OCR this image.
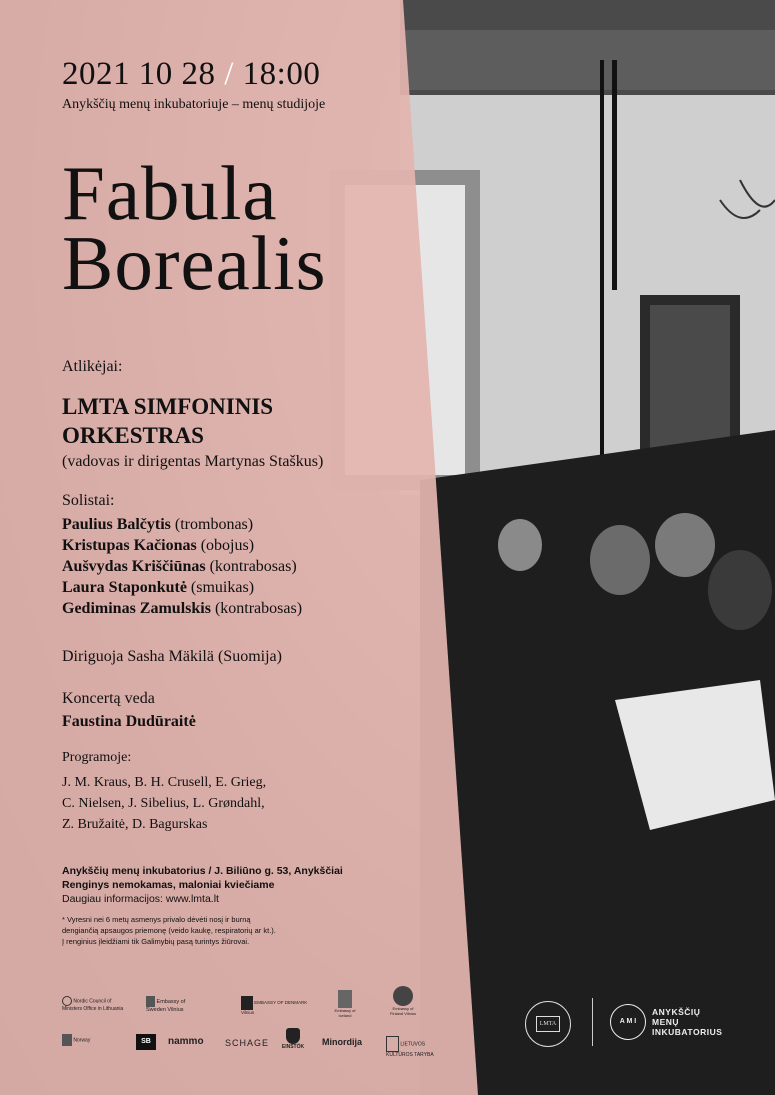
2021 10 28 / 18:00
Anykščių menų inkubatoriuje – menų studijoje
Fabula
Borealis
Atlikėjai:
LMTA SIMFONINIS
ORKESTRAS
(vadovas ir dirigentas Martynas Staškus)
Solistai:
Paulius Balčytis (trombonas)
Kristupas Kačionas (obojus)
Aušvydas Kriščiūnas (kontrabosas)
Laura Staponkutė (smuikas)
Gediminas Zamulskis (kontrabosas)
Diriguoja Sasha Mäkilä (Suomija)
Koncertą veda
Faustina Dudūraitė
Programoje:
J. M. Kraus, B. H. Crusell, E. Grieg,
C. Nielsen, J. Sibelius, L. Grøndahl,
Z. Bružaitė, D. Bagurskas
Anykščių menų inkubatorius / J. Biliūno g. 53, Anykščiai
Renginys nemokamas, maloniai kviečiame
Daugiau informacijos: www.lmta.lt
* Vyresni nei 6 metų asmenys privalo dėvėti nosį ir burną
dengiančią apsaugos priemonę (veido kaukę, respiratorių ar kt.).
Į renginius įleidžiami tik Galimybių pasą turintys žiūrovai.
Nordic Council of Ministers Office in Lithuania
Embassy of Sweden Vilnius
EMBASSY OF DENMARK Vilnius	Embassy of Iceland
Embassy of Finland Vilnius
Norway	SB	nammo SCHAGE	EINSTÖK	Minordija	LIETUVOS KULTŪROS TARYBA
LMTA	A M I
ANYKŠČIŲ
MENŲ
INKUBATORIUS
